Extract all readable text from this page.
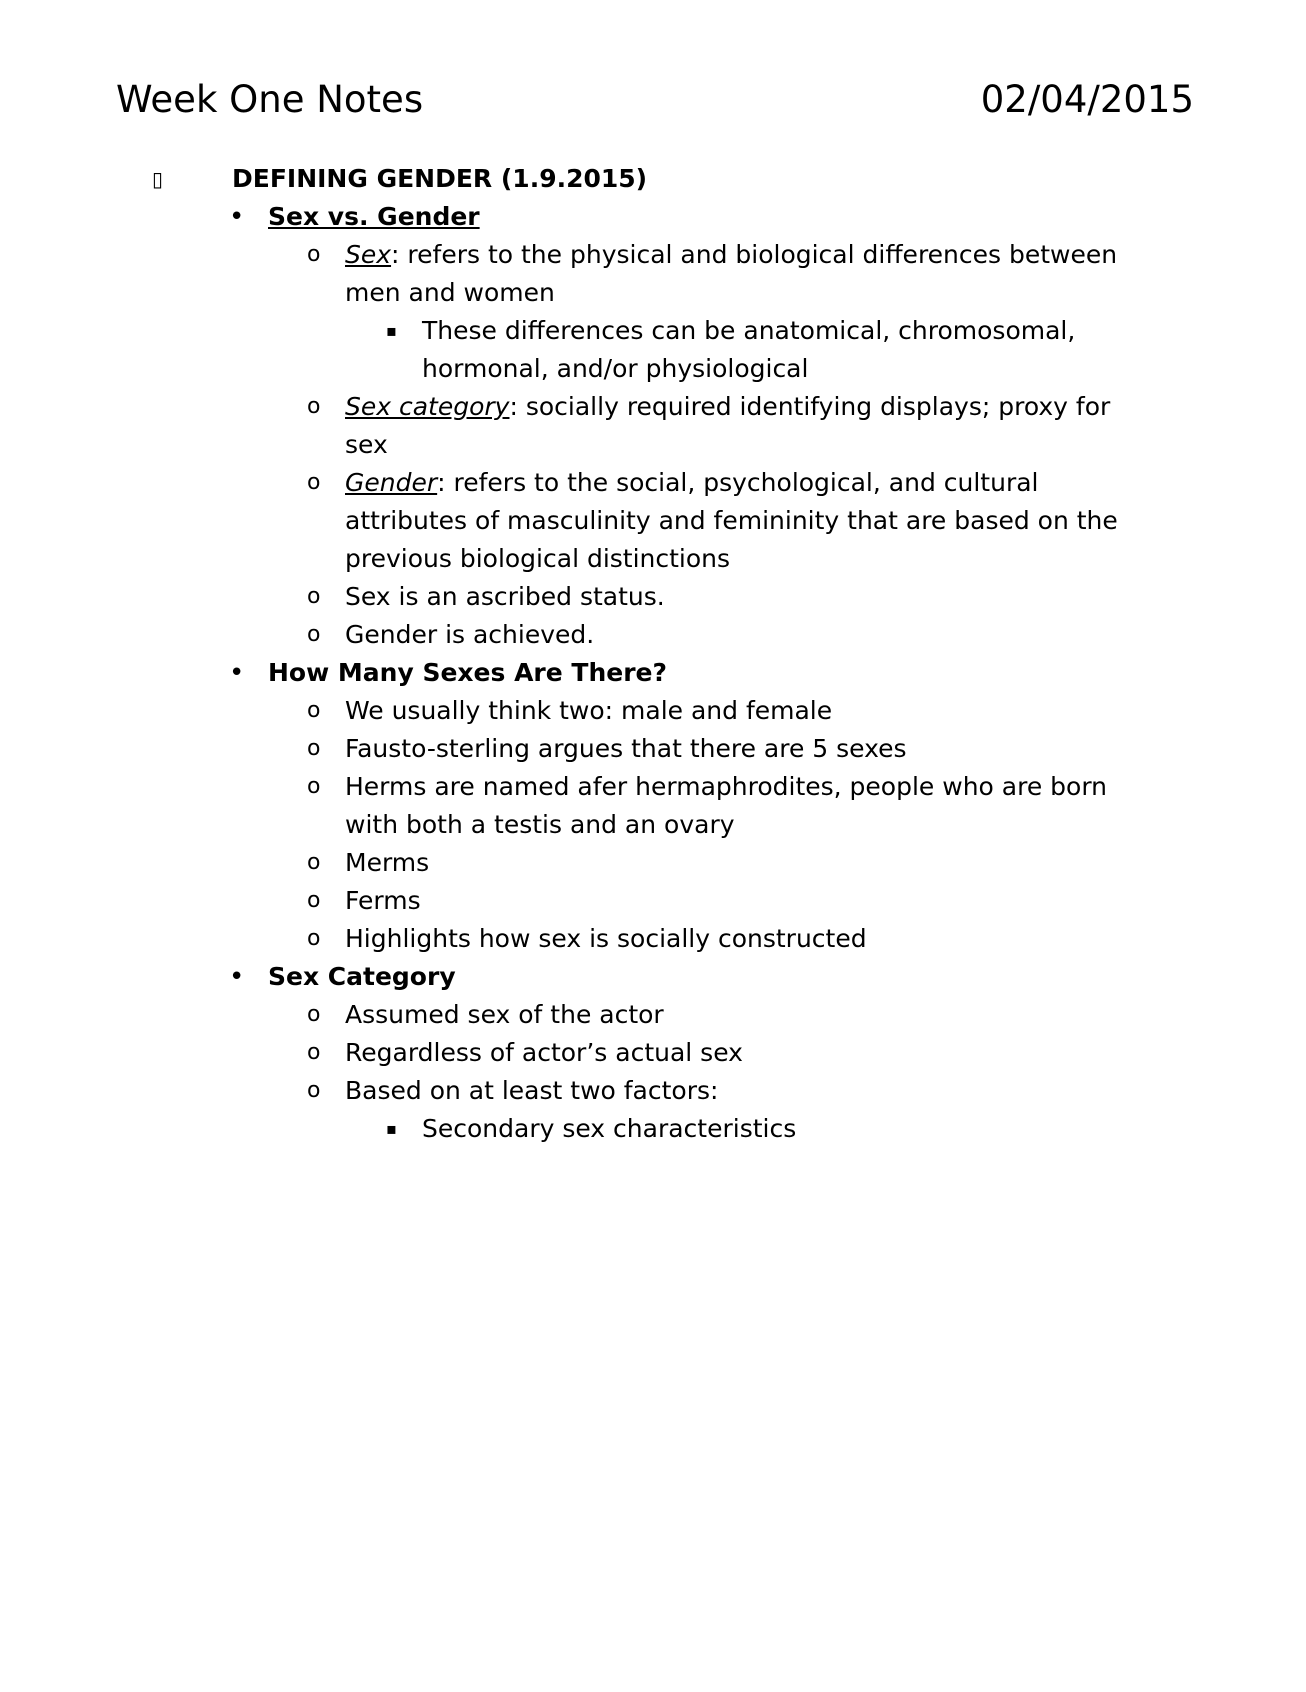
Week One Notes	02/04/2015
▯	DEFINING GENDER (1.9.2015)
• Sex vs. Gender
o Sex: refers to the physical and biological differences between men and women
▪ These differences can be anatomical, chromosomal, hormonal, and/or physiological
o Sex category: socially required identifying displays; proxy for sex
o Gender: refers to the social, psychological, and cultural attributes of masculinity and femininity that are based on the previous biological distinctions
o Sex is an ascribed status.
o Gender is achieved.
• How Many Sexes Are There?
o We usually think two: male and female
o Fausto-sterling argues that there are 5 sexes
o Herms are named afer hermaphrodites, people who are born with both a testis and an ovary
o Merms
o Ferms
o Highlights how sex is socially constructed
• Sex Category
o Assumed sex of the actor
o Regardless of actor’s actual sex
o Based on at least two factors:
▪ Secondary sex characteristics
